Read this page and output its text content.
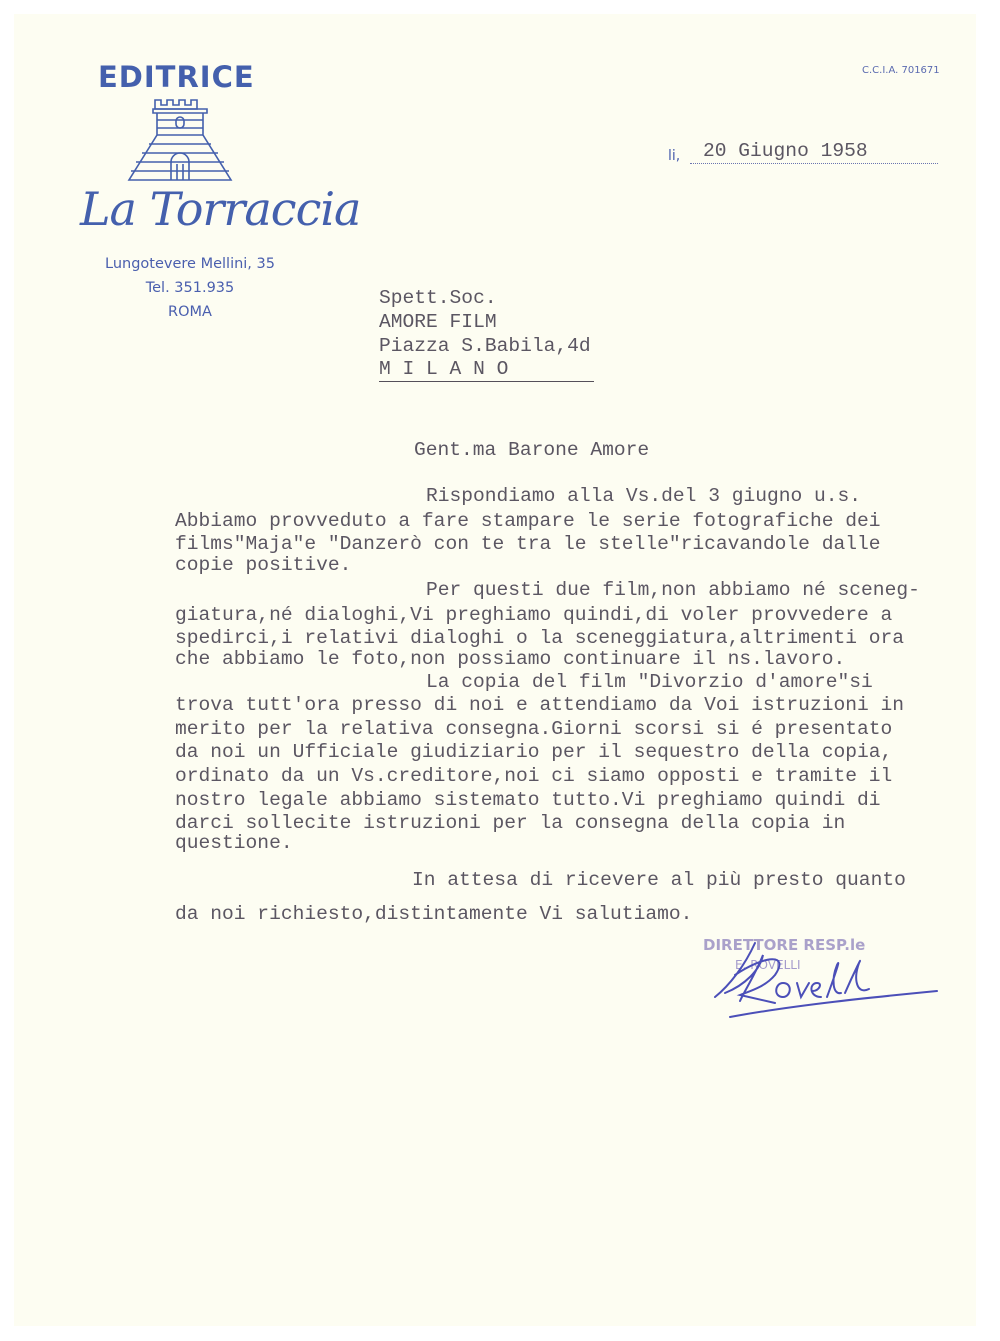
EDITRICE
La Torraccia
Lungotevere Mellini, 35
Tel. 351.935
ROMA
C.C.I.A. 701671
li, 20 Giugno 1958
Spett.Soc.
AMORE FILM
Piazza S.Babila,4d
M I L A N O
Gent.ma Barone Amore
Rispondiamo alla Vs.del 3 giugno u.s.
Abbiamo provveduto a fare stampare le serie fotografiche dei
films"Maja"e "Danzerò con te tra le stelle"ricavandole dalle
copie positive.
Per questi due film,non abbiamo né sceneg-
giatura,né dialoghi,Vi preghiamo quindi,di voler provvedere a
spedirci,i relativi dialoghi o la sceneggiatura,altrimenti ora
che abbiamo le foto,non possiamo continuare il ns.lavoro.
La copia del film "Divorzio d'amore"si
trova tutt'ora presso di noi e attendiamo da Voi istruzioni in
merito per la relativa consegna.Giorni scorsi si é presentato
da noi un Ufficiale giudiziario per il sequestro della copia,
ordinato da un Vs.creditore,noi ci siamo opposti e tramite il
nostro legale abbiamo sistemato tutto.Vi preghiamo quindi di
darci sollecite istruzioni per la consegna della copia in
questione.
In attesa di ricevere al più presto quanto
da noi richiesto,distintamente Vi salutiamo.
DIRETTORE RESP.le
E. ROVELLI
